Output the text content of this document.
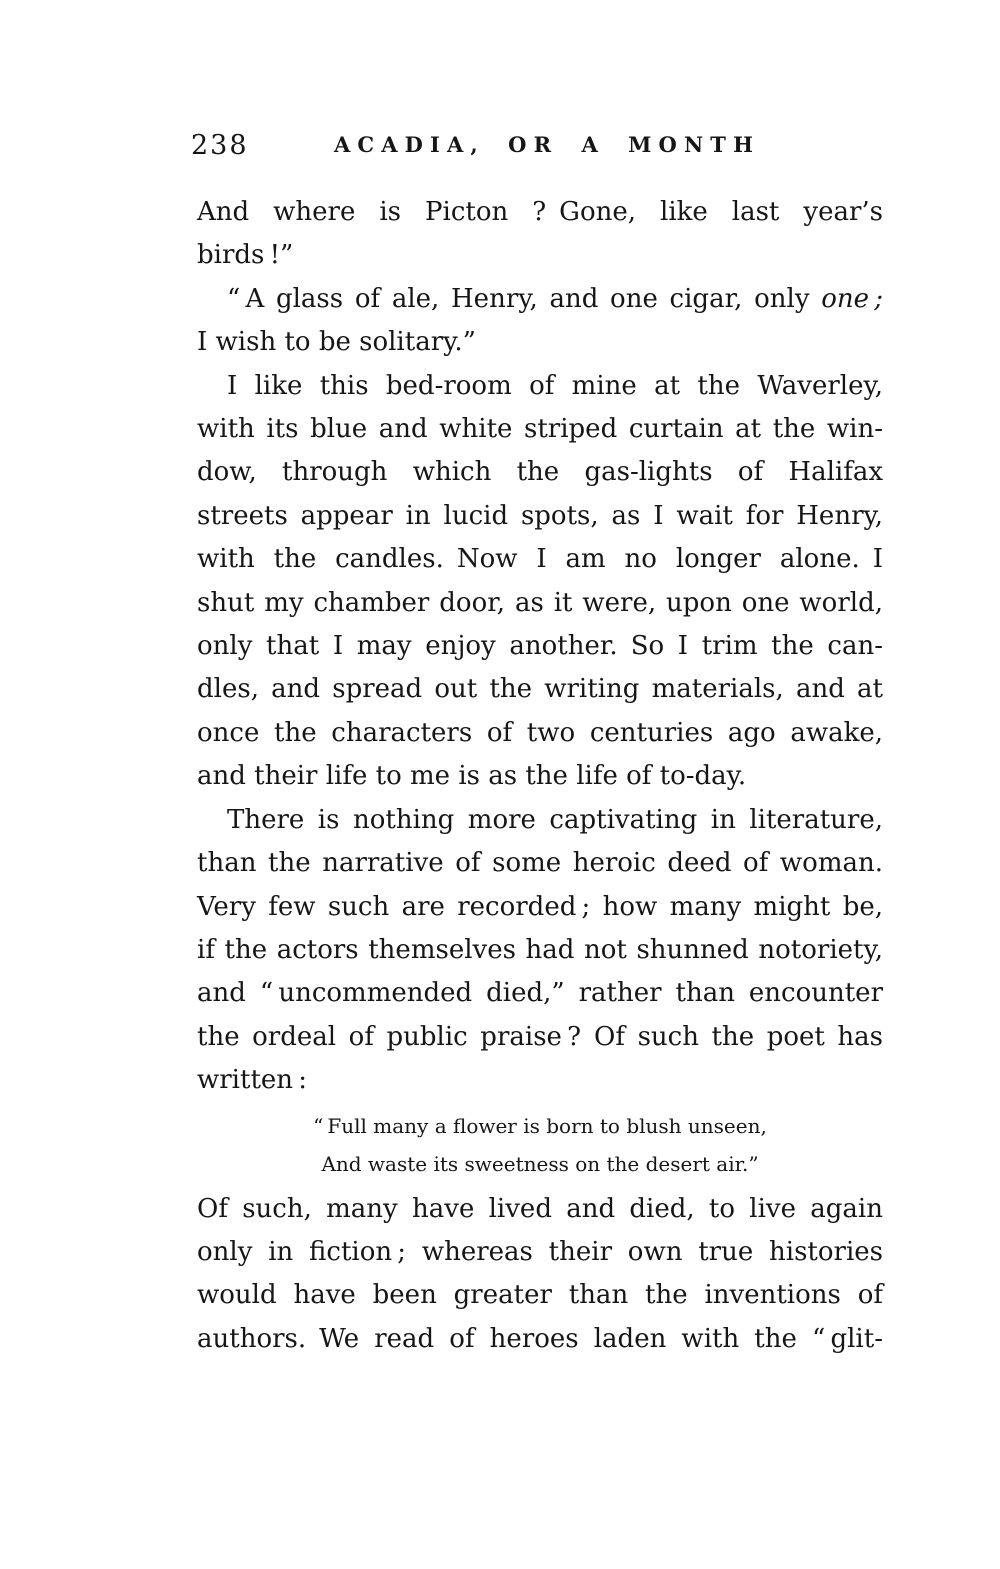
238	ACADIA, OR A MONTH

And where is Picton ? Gone, like last year’s
birds !”

“ A glass of ale, Henry, and one cigar, only one ;
I wish to be solitary.”

I like this bed-room of mine at the Waverley,
with its blue and white striped curtain at the win-
dow, through which the gas-lights of Halifax
streets appear in lucid spots, as I wait for Henry,
with the candles. Now I am no longer alone. I
shut my chamber door, as it were, upon one world,
only that I may enjoy another. So I trim the can-
dles, and spread out the writing materials, and at
once the characters of two centuries ago awake,
and their life to me is as the life of to-day.

There is nothing more captivating in literature,
than the narrative of some heroic deed of woman.
Very few such are recorded ; how many might be,
if the actors themselves had not shunned notoriety,
and “ uncommended died,” rather than encounter
the ordeal of public praise ? Of such the poet has
written :

“ Full many a flower is born to blush unseen,
And waste its sweetness on the desert air.”

Of such, many have lived and died, to live again
only in fiction ; whereas their own true histories
would have been greater than the inventions of
authors. We read of heroes laden with the “ glit-
